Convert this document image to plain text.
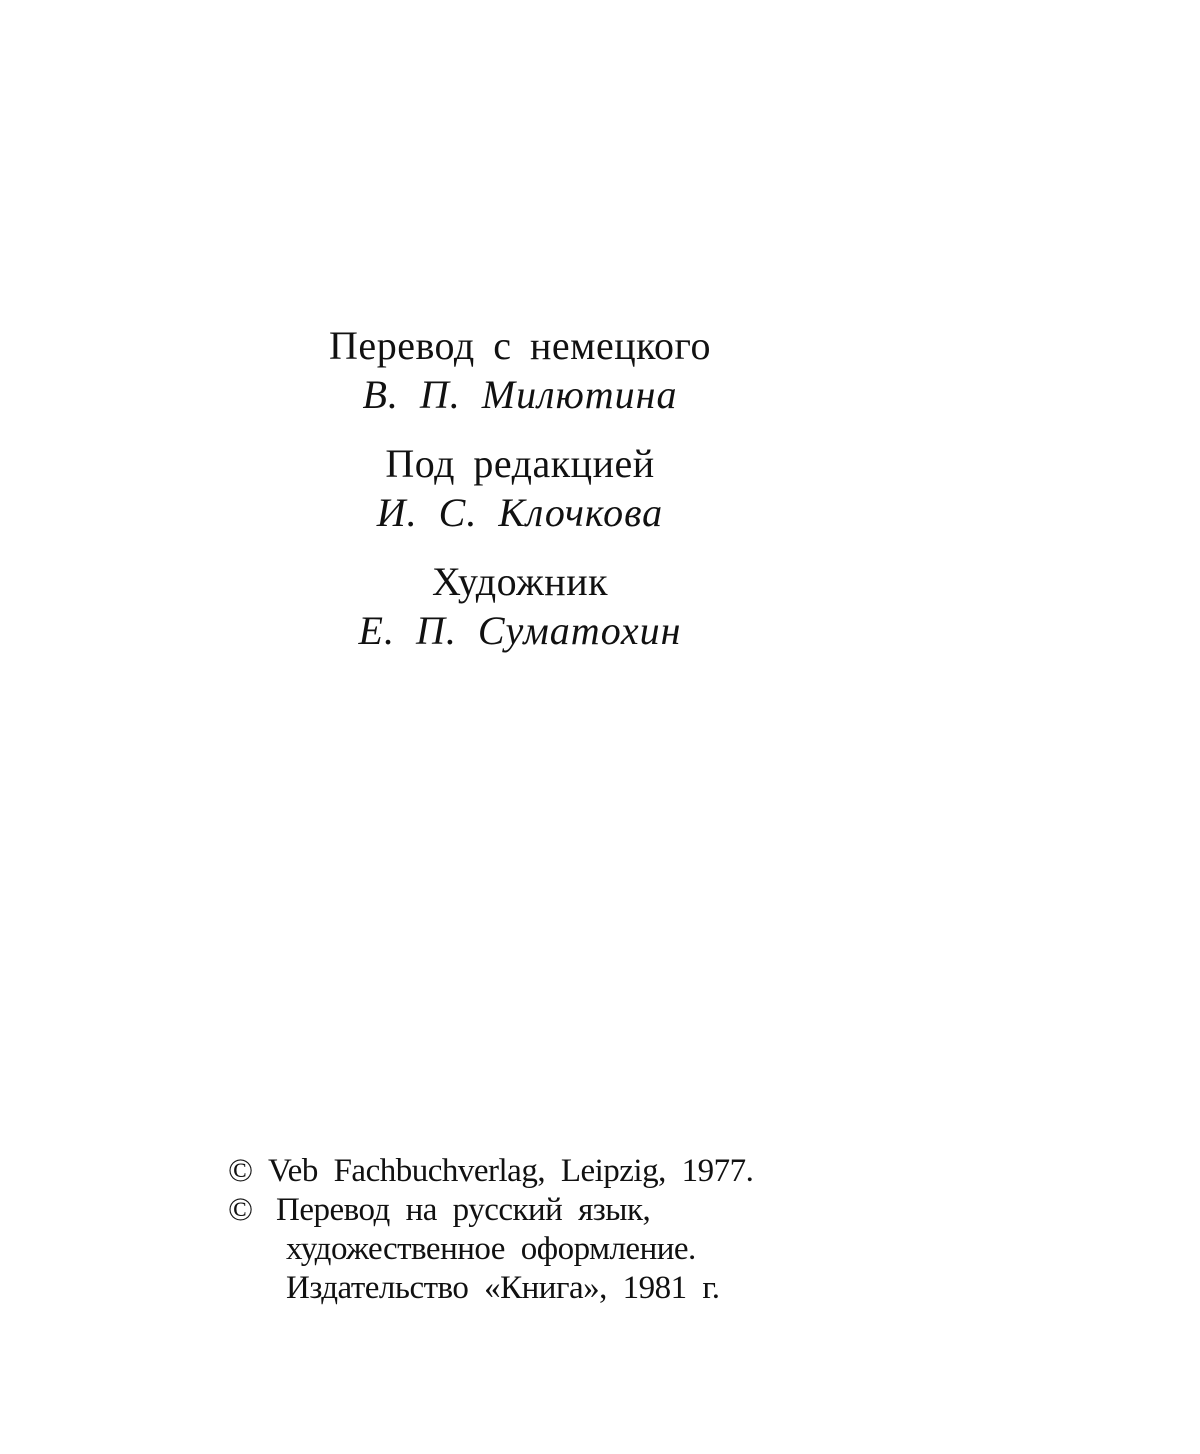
Перевод с немецкого
В. П. Милютина
Под редакцией
И. С. Клочкова
Художник
Е. П. Суматохин
© Veb Fachbuchverlag, Leipzig, 1977.
© Перевод на русский язык,
художественное оформление.
Издательство «Книга», 1981 г.
